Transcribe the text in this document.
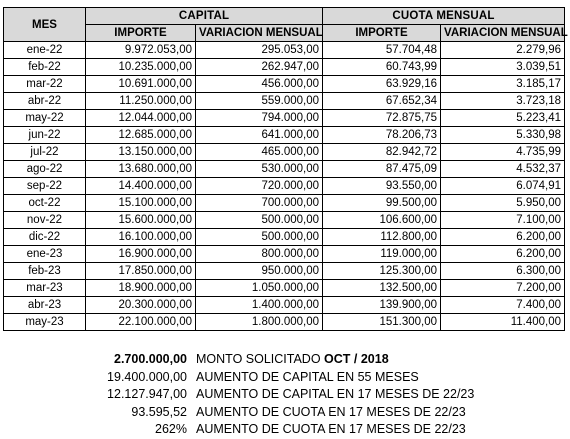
MES	CAPITAL		CUOTA MENSUAL	
	IMPORTE	VARIACION MENSUAL	IMPORTE	VARIACION MENSUAL
ene-22	9.972.053,00	295.053,00	57.704,48	2.279,96
feb-22	10.235.000,00	262.947,00	60.743,99	3.039,51
mar-22	10.691.000,00	456.000,00	63.929,16	3.185,17
abr-22	11.250.000,00	559.000,00	67.652,34	3.723,18
may-22	12.044.000,00	794.000,00	72.875,75	5.223,41
jun-22	12.685.000,00	641.000,00	78.206,73	5.330,98
jul-22	13.150.000,00	465.000,00	82.942,72	4.735,99
ago-22	13.680.000,00	530.000,00	87.475,09	4.532,37
sep-22	14.400.000,00	720.000,00	93.550,00	6.074,91
oct-22	15.100.000,00	700.000,00	99.500,00	5.950,00
nov-22	15.600.000,00	500.000,00	106.600,00	7.100,00
dic-22	16.100.000,00	500.000,00	112.800,00	6.200,00
ene-23	16.900.000,00	800.000,00	119.000,00	6.200,00
feb-23	17.850.000,00	950.000,00	125.300,00	6.300,00
mar-23	18.900.000,00	1.050.000,00	132.500,00	7.200,00
abr-23	20.300.000,00	1.400.000,00	139.900,00	7.400,00
may-23	22.100.000,00	1.800.000,00	151.300,00	11.400,00
2.700.000,00 MONTO SOLICITADO OCT / 2018
19.400.000,00 AUMENTO DE CAPITAL EN 55 MESES
12.127.947,00 AUMENTO DE CAPITAL EN 17 MESES DE 22/23
93.595,52 AUMENTO DE CUOTA EN 17 MESES DE 22/23
262% AUMENTO DE CUOTA EN 17 MESES DE 22/23
